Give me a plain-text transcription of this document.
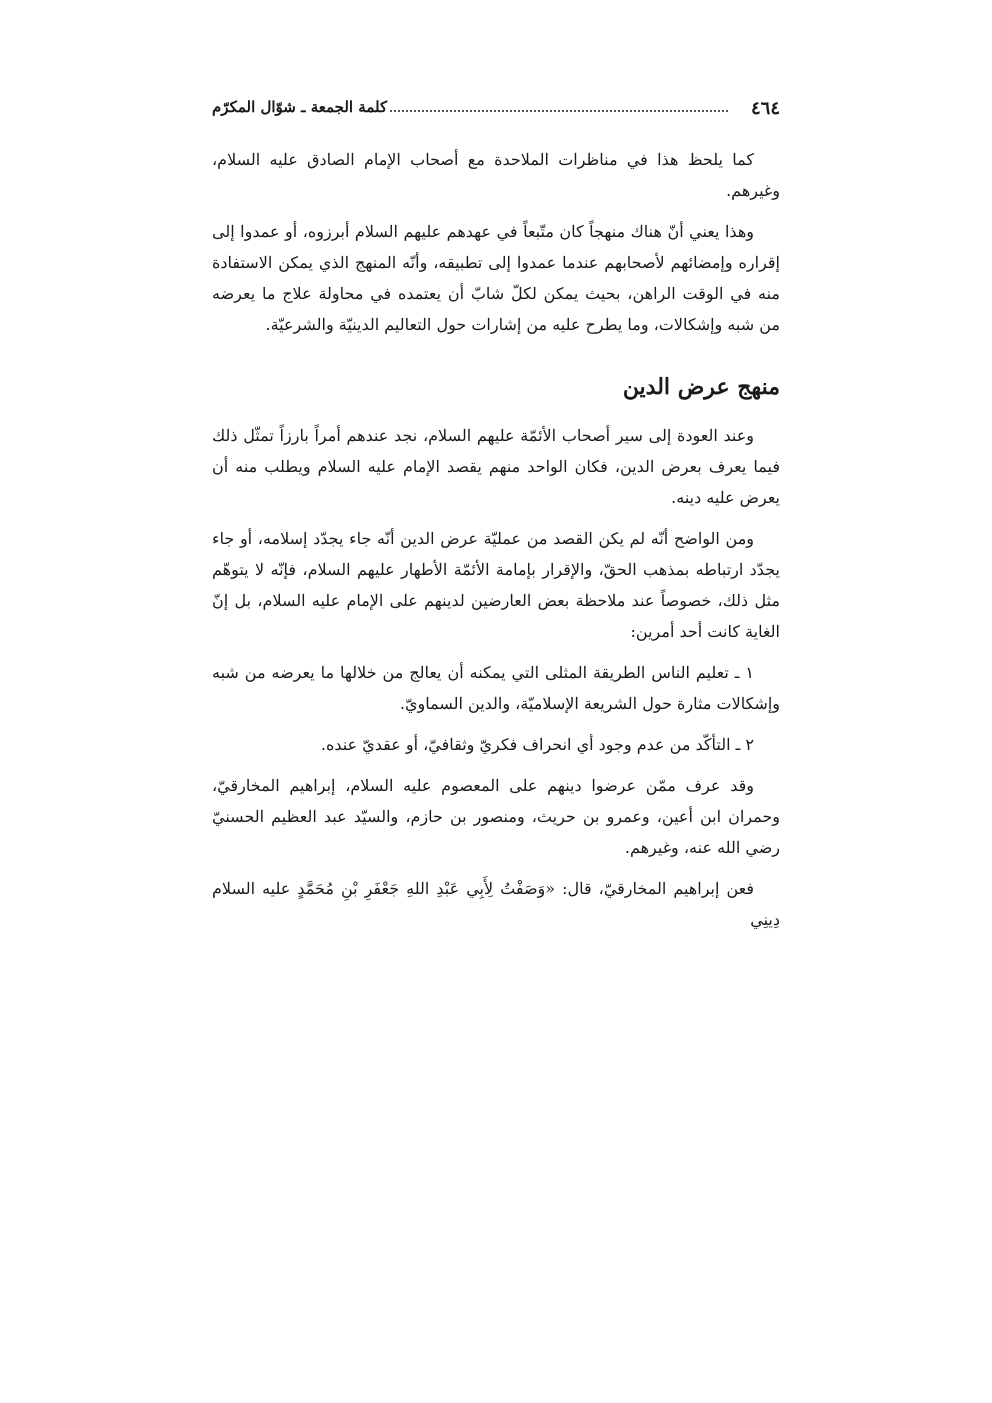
٤٦٤
كلمة الجمعة ـ شوّال المكرّم

كما يلحظ هذا في مناظرات الملاحدة مع أصحاب الإمام الصادق عليه السلام، وغيرهم.

وهذا يعني أنّ هناك منهجاً كان متّبعاً في عهدهم عليهم السلام أبرزوه، أو عمدوا إلى إقراره وإمضائهم لأصحابهم عندما عمدوا إلى تطبيقه، وأنّه المنهج الذي يمكن الاستفادة منه في الوقت الراهن، بحيث يمكن لكلّ شابّ أن يعتمده في محاولة علاج ما يعرضه من شبه وإشكالات، وما يطرح عليه من إشارات حول التعاليم الدينيّة والشرعيّة.

منهج عرض الدين

وعند العودة إلى سير أصحاب الأئمّة عليهم السلام، نجد عندهم أمراً بارزاً تمثّل ذلك فيما يعرف بعرض الدين، فكان الواحد منهم يقصد الإمام عليه السلام ويطلب منه أن يعرض عليه دينه.

ومن الواضح أنّه لم يكن القصد من عمليّة عرض الدين أنّه جاء يجدّد إسلامه، أو جاء يجدّد ارتباطه بمذهب الحقّ، والإقرار بإمامة الأئمّة الأطهار عليهم السلام، فإنّه لا يتوهّم مثل ذلك، خصوصاً عند ملاحظة بعض العارضين لدينهم على الإمام عليه السلام، بل إنّ الغاية كانت أحد أمرين:

١ ـ تعليم الناس الطريقة المثلى التي يمكنه أن يعالج من خلالها ما يعرضه من شبه وإشكالات مثارة حول الشريعة الإسلاميّة، والدين السماويّ.

٢ ـ التأكّد من عدم وجود أي انحراف فكريّ وثقافيّ، أو عقديّ عنده.

وقد عرف ممّن عرضوا دينهم على المعصوم عليه السلام، إبراهيم المخارقيّ، وحمران ابن أعين، وعمرو بن حريث، ومنصور بن حازم، والسيّد عبد العظيم الحسنيّ رضي الله عنه، وغيرهم.

فعن إبراهيم المخارقيّ، قال: «وَصَفْتُ لِأَبِي عَبْدِ اللهِ جَعْفَرِ بْنِ مُحَمَّدٍ عليه السلام دِينِي
